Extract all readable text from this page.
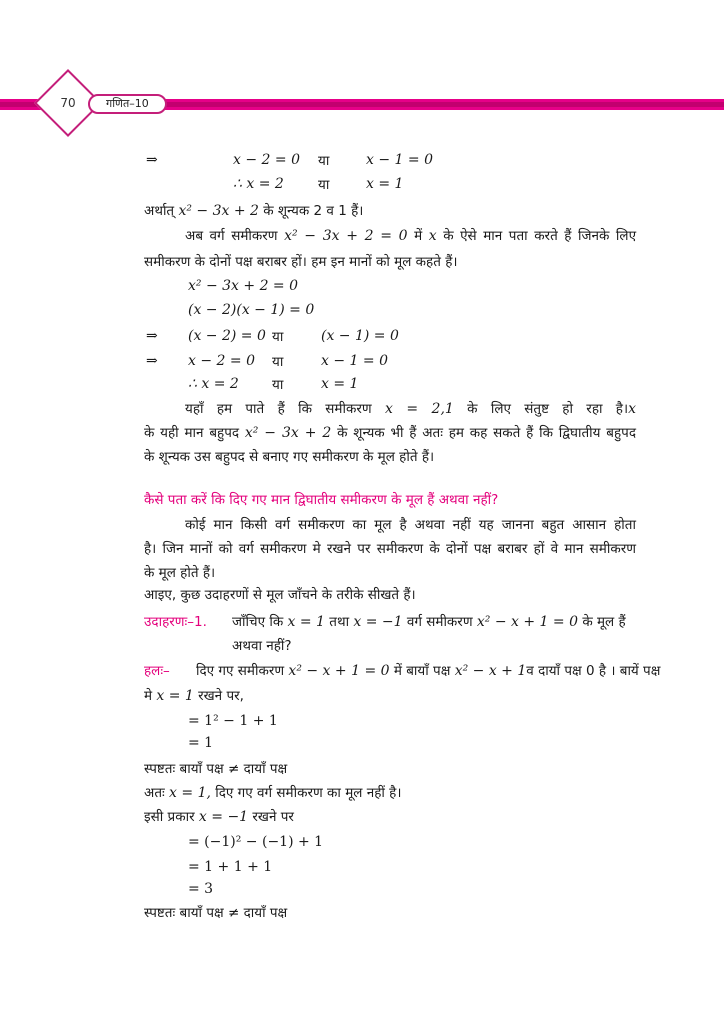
70	गणित–10
⇒	x − 2 = 0 या	x − 1 = 0
∴ x = 2	या	x = 1
अर्थात् x² − 3x + 2 के शून्यक 2 व 1 हैं।
अब वर्ग समीकरण x² − 3x + 2 = 0 में x के ऐसे मान पता करते हैं जिनके लिए
समीकरण के दोनों पक्ष बराबर हों। हम इन मानों को मूल कहते हैं।
x² − 3x + 2 = 0
(x − 2)(x − 1) = 0
⇒ (x − 2) = 0 या	(x − 1) = 0
⇒ x − 2 = 0 या	x − 1 = 0
∴ x = 2 या	x = 1
यहाँ हम पाते हैं कि समीकरण x = 2,1 के लिए संतुष्ट हो रहा है।x
के यही मान बहुपद x² − 3x + 2 के शून्यक भी हैं अतः हम कह सकते हैं कि द्विघातीय बहुपद
के शून्यक उस बहुपद से बनाए गए समीकरण के मूल होते हैं।
कैसे पता करें कि दिए गए मान द्विघातीय समीकरण के मूल हैं अथवा नहीं?
कोई मान किसी वर्ग समीकरण का मूल है अथवा नहीं यह जानना बहुत आसान होता
है। जिन मानों को वर्ग समीकरण मे रखने पर समीकरण के दोनों पक्ष बराबर हों वे मान समीकरण
के मूल होते हैं।
आइए, कुछ उदाहरणों से मूल जाँचने के तरीके सीखते हैं।
उदाहरणः–1. जाँचिए कि x = 1 तथा x = −1 वर्ग समीकरण x² − x + 1 = 0 के मूल हैं
अथवा नहीं?
हलः– दिए गए समीकरण x² − x + 1 = 0 में बायाँ पक्ष x² − x + 1व दायाँ पक्ष 0 है । बायें पक्ष
मे x = 1 रखने पर,
= 1² − 1 + 1
= 1
स्पष्टतः बायाँ पक्ष ≠ दायाँ पक्ष
अतः x = 1, दिए गए वर्ग समीकरण का मूल नहीं है।
इसी प्रकार x = −1 रखने पर
= (−1)² − (−1) + 1
= 1 + 1 + 1
= 3
स्पष्टतः बायाँ पक्ष ≠ दायाँ पक्ष
